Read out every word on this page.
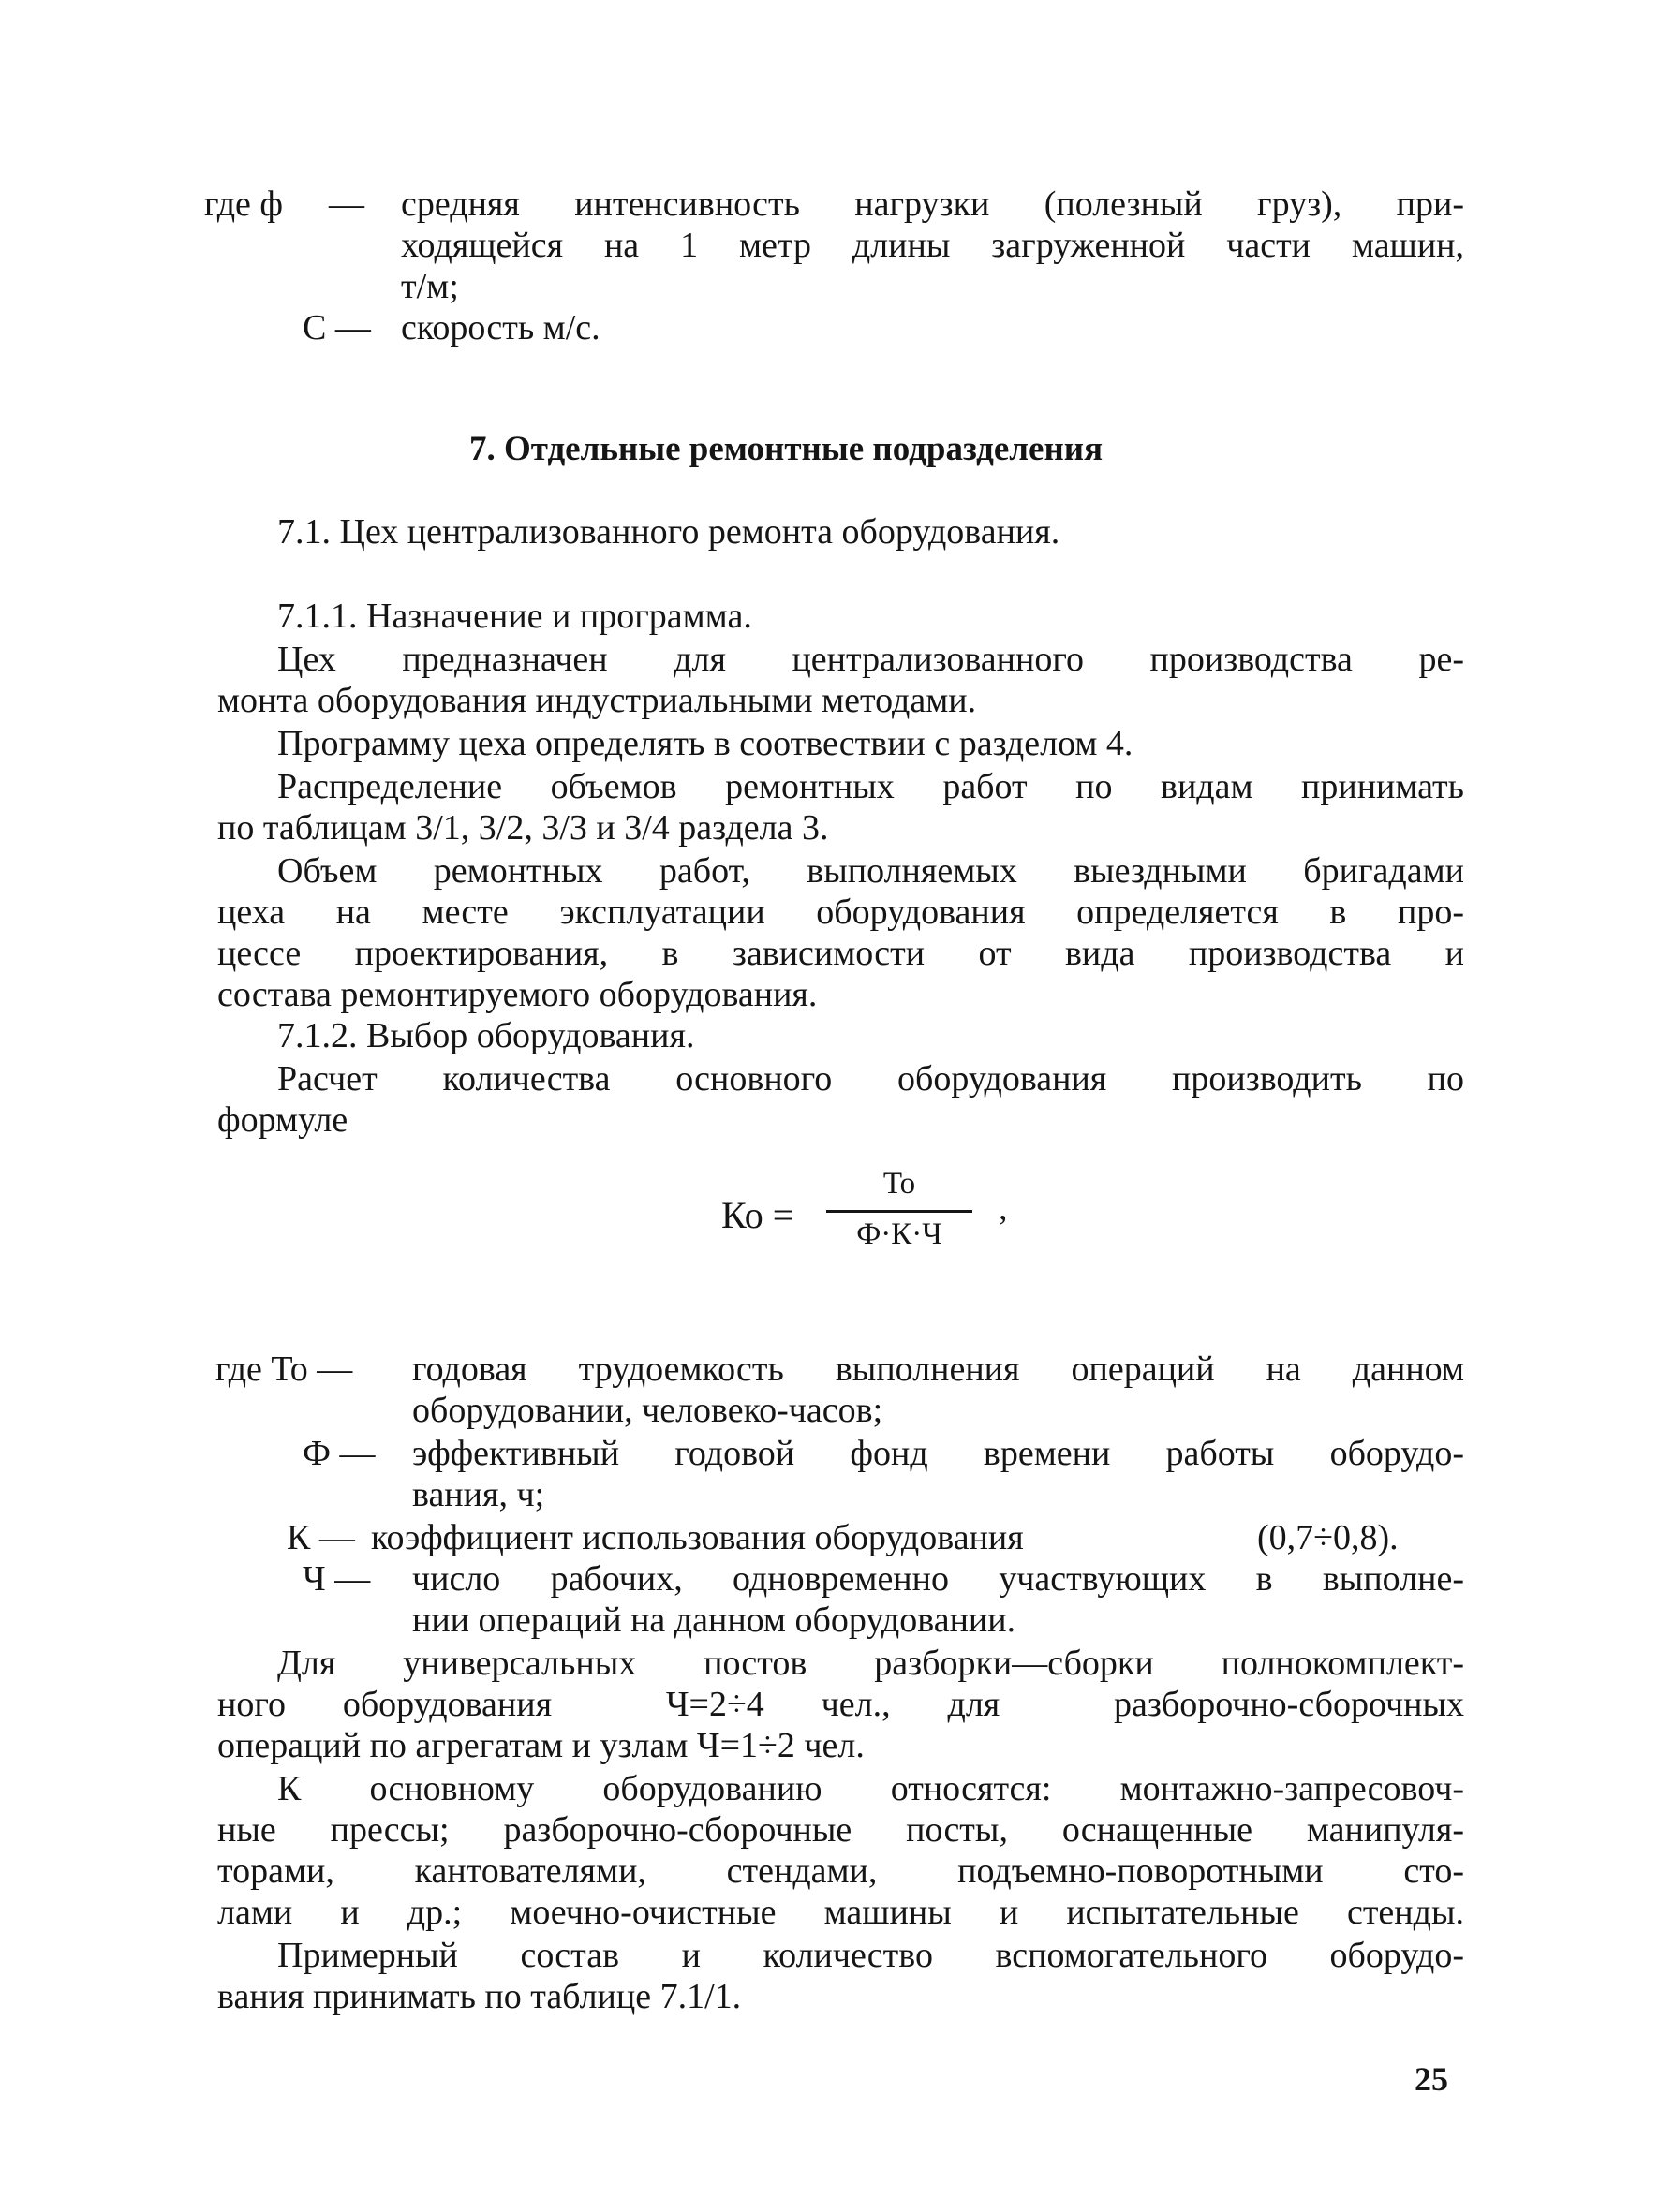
где ф — средняя интенсивность нагрузки (полезный груз), при-
ходящейся на 1 метр длины загруженной части машин,
т/м;
С — скорость м/с.
7. Отдельные ремонтные подразделения
7.1. Цех централизованного ремонта оборудования.
7.1.1. Назначение и программа.
Цех предназначен для централизованного производства ре-
монта оборудования индустриальными методами.
Программу цеха определять в соотвествии с разделом 4.
Распределение объемов ремонтных работ по видам принимать
по таблицам 3/1, 3/2, 3/3 и 3/4 раздела 3.
Объем ремонтных работ, выполняемых выездными бригадами
цеха на месте эксплуатации оборудования определяется в про-
цессе проектирования, в зависимости от вида производства и
состава ремонтируемого оборудования.
7.1.2. Выбор оборудования.
Расчет количества основного оборудования производить по
формуле
Ко =
То
Ф·К·Ч
,
где То — годовая трудоемкость выполнения операций на данном
оборудовании, человеко-часов;
Ф — эффективный годовой фонд времени работы оборудо-
вания, ч;
К — коэффициент использования оборудования	(0,7÷0,8).
Ч — число рабочих, одновременно участвующих в выполне-
нии операций на данном оборудовании.
Для универсальных постов разборки—сборки полнокомплект-
ного оборудования  Ч=2÷4 чел., для  разборочно-сборочных
операций по агрегатам и узлам Ч=1÷2 чел.
К основному оборудованию относятся: монтажно-запресовоч-
ные прессы; разборочно-сборочные посты, оснащенные манипуля-
торами, кантователями, стендами, подъемно-поворотными сто-
лами и др.; моечно-очистные машины и испытательные стенды.
Примерный состав и количество вспомогательного оборудо-
вания принимать по таблице 7.1/1.
25
